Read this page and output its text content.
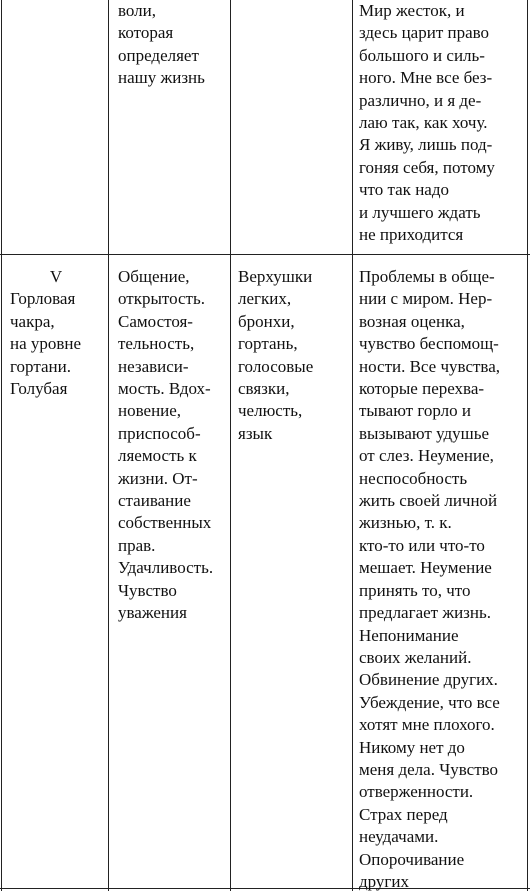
воли,
которая
определяет
нашу жизнь
Мир жесток, и
здесь царит право
большого и силь-
ного. Мне все без-
различно, и я де-
лаю так, как хочу.
Я живу, лишь под-
гоняя себя, потому
что так надо
и лучшего ждать
не приходится
V
Горловая
чакра,
на уровне
гортани.
Голубая
Общение,
открытость.
Самостоя-
тельность,
независи-
мость. Вдох-
новение,
приспособ-
ляемость к
жизни. От-
стаивание
собственных
прав.
Удачливость.
Чувство
уважения
Верхушки
легких,
бронхи,
гортань,
голосовые
связки,
челюсть,
язык
Проблемы в обще-
нии с миром. Нер-
возная оценка,
чувство беспомощ-
ности. Все чувства,
которые перехва-
тывают горло и
вызывают удушье
от слез. Неумение,
неспособность
жить своей личной
жизнью, т. к.
кто-то или что-то
мешает. Неумение
принять то, что
предлагает жизнь.
Непонимание
своих желаний.
Обвинение других.
Убеждение, что все
хотят мне плохого.
Никому нет до
меня дела. Чувство
отверженности.
Страх перед
неудачами.
Опорочивание
других
